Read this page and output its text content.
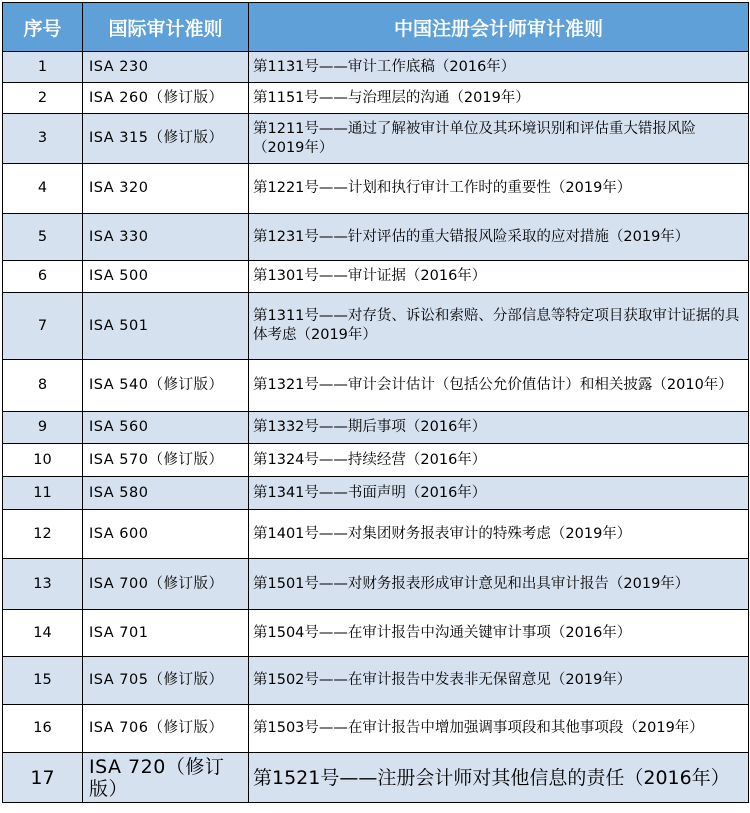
序号	国际审计准则	中国注册会计师审计准则
1	ISA 230	第1131号——审计工作底稿（2016年）
2	ISA 260（修订版）	第1151号——与治理层的沟通（2019年）
3	ISA 315（修订版）	第1211号——通过了解被审计单位及其环境识别和评估重大错报风险（2019年）
4	ISA 320	第1221号——计划和执行审计工作时的重要性（2019年）
5	ISA 330	第1231号——针对评估的重大错报风险采取的应对措施（2019年）
6	ISA 500	第1301号——审计证据（2016年）
7	ISA 501	第1311号——对存货、诉讼和索赔、分部信息等特定项目获取审计证据的具体考虑（2019年）
8	ISA 540（修订版）	第1321号——审计会计估计（包括公允价值估计）和相关披露（2010年）
9	ISA 560	第1332号——期后事项（2016年）
10	ISA 570（修订版）	第1324号——持续经营（2016年）
11	ISA 580	第1341号——书面声明（2016年）
12	ISA 600	第1401号——对集团财务报表审计的特殊考虑（2019年）
13	ISA 700（修订版）	第1501号——对财务报表形成审计意见和出具审计报告（2019年）
14	ISA 701	第1504号——在审计报告中沟通关键审计事项（2016年）
15	ISA 705（修订版）	第1502号——在审计报告中发表非无保留意见（2019年）
16	ISA 706（修订版）	第1503号——在审计报告中增加强调事项段和其他事项段（2019年）
17	ISA 720（修订版）	第1521号——注册会计师对其他信息的责任（2016年）
